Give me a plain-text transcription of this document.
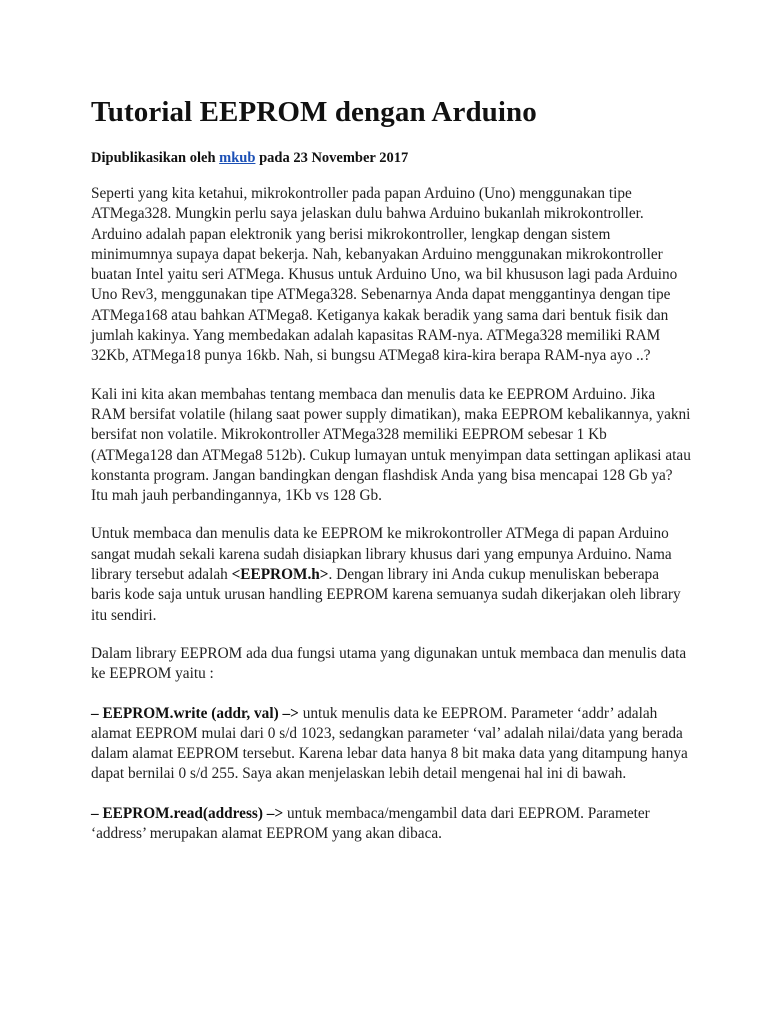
Tutorial EEPROM dengan Arduino

Dipublikasikan oleh mkub pada 23 November 2017

Seperti yang kita ketahui, mikrokontroller pada papan Arduino (Uno) menggunakan tipe ATMega328. Mungkin perlu saya jelaskan dulu bahwa Arduino bukanlah mikrokontroller. Arduino adalah papan elektronik yang berisi mikrokontroller, lengkap dengan sistem minimumnya supaya dapat bekerja. Nah, kebanyakan Arduino menggunakan mikrokontroller buatan Intel yaitu seri ATMega. Khusus untuk Arduino Uno, wa bil khususon lagi pada Arduino Uno Rev3, menggunakan tipe ATMega328. Sebenarnya Anda dapat menggantinya dengan tipe ATMega168 atau bahkan ATMega8. Ketiganya kakak beradik yang sama dari bentuk fisik dan jumlah kakinya. Yang membedakan adalah kapasitas RAM-nya. ATMega328 memiliki RAM 32Kb, ATMega18 punya 16kb. Nah, si bungsu ATMega8 kira-kira berapa RAM-nya ayo ..?

Kali ini kita akan membahas tentang membaca dan menulis data ke EEPROM Arduino. Jika RAM bersifat volatile (hilang saat power supply dimatikan), maka EEPROM kebalikannya, yakni bersifat non volatile. Mikrokontroller ATMega328 memiliki EEPROM sebesar 1 Kb (ATMega128 dan ATMega8 512b). Cukup lumayan untuk menyimpan data settingan aplikasi atau konstanta program. Jangan bandingkan dengan flashdisk Anda yang bisa mencapai 128 Gb ya? Itu mah jauh perbandingannya, 1Kb vs 128 Gb.

Untuk membaca dan menulis data ke EEPROM ke mikrokontroller ATMega di papan Arduino sangat mudah sekali karena sudah disiapkan library khusus dari yang empunya Arduino. Nama library tersebut adalah <EEPROM.h>. Dengan library ini Anda cukup menuliskan beberapa baris kode saja untuk urusan handling EEPROM karena semuanya sudah dikerjakan oleh library itu sendiri.

Dalam library EEPROM ada dua fungsi utama yang digunakan untuk membaca dan menulis data ke EEPROM yaitu :

– EEPROM.write (addr, val) –> untuk menulis data ke EEPROM. Parameter ‘addr’ adalah alamat EEPROM mulai dari 0 s/d 1023, sedangkan parameter ‘val’ adalah nilai/data yang berada dalam alamat EEPROM tersebut. Karena lebar data hanya 8 bit maka data yang ditampung hanya dapat bernilai 0 s/d 255. Saya akan menjelaskan lebih detail mengenai hal ini di bawah.

– EEPROM.read(address) –> untuk membaca/mengambil data dari EEPROM. Parameter ‘address’ merupakan alamat EEPROM yang akan dibaca.
